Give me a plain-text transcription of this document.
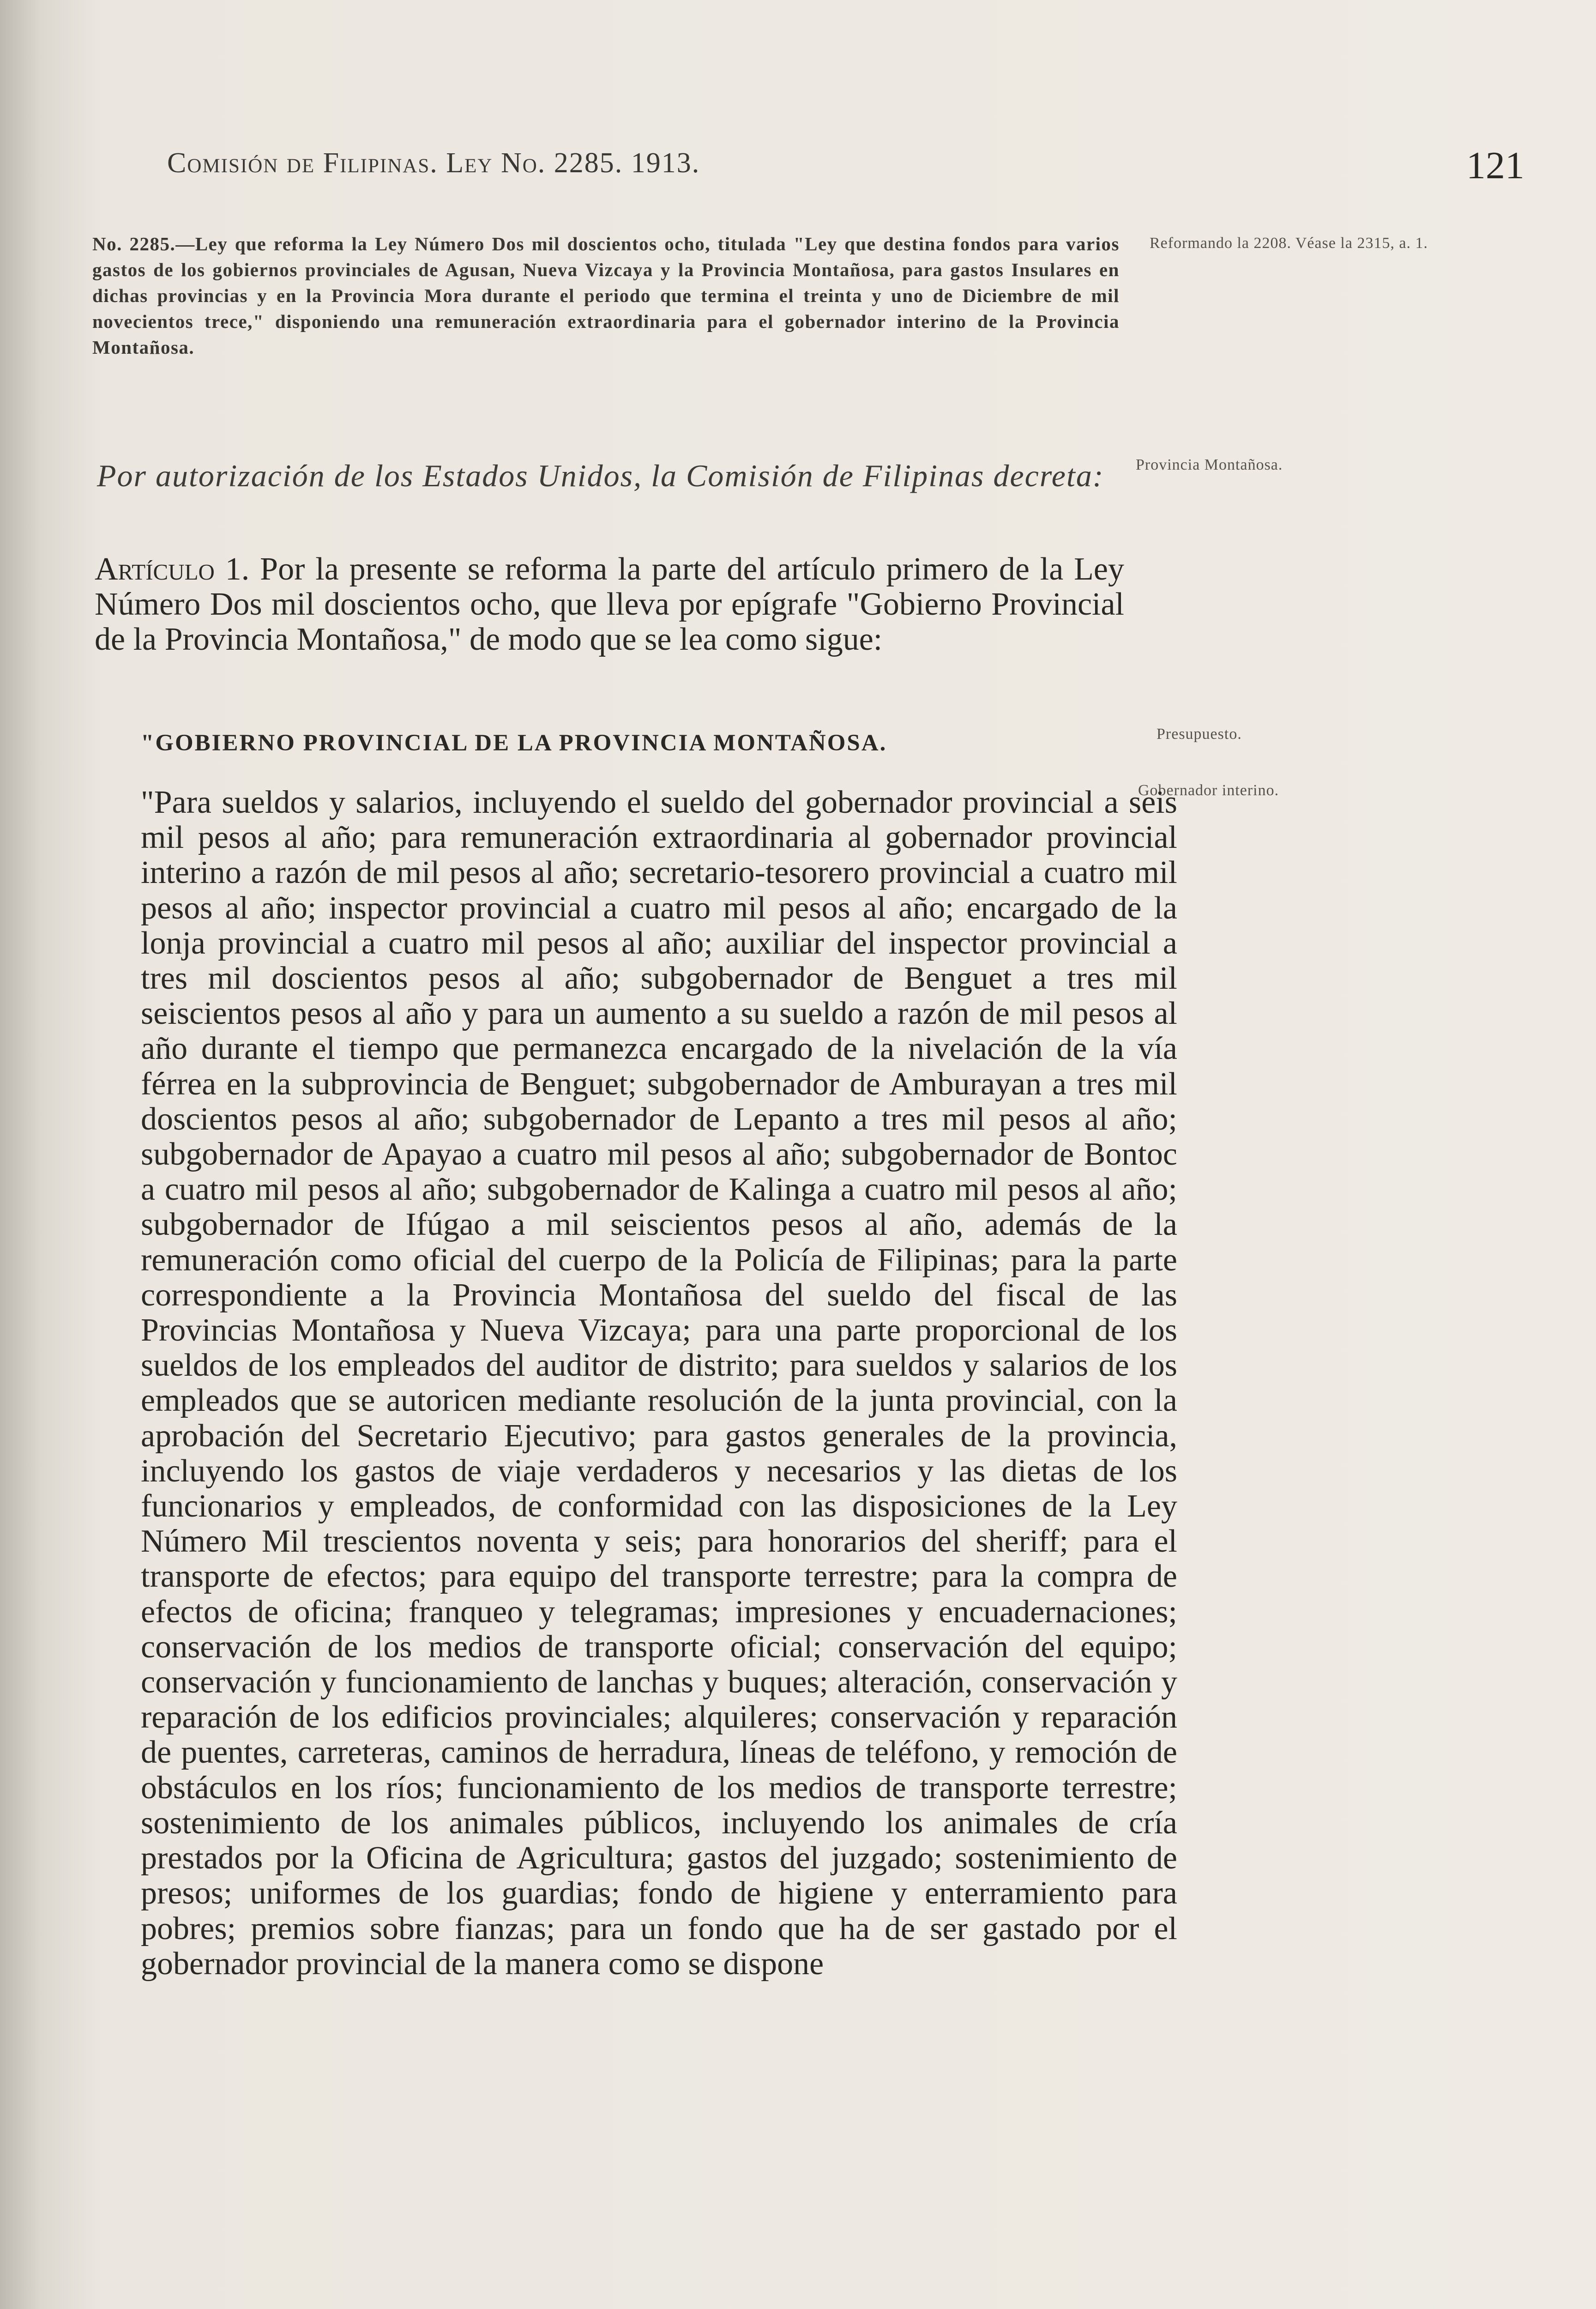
Comisión de Filipinas. Ley No. 2285. 1913.	121
No. 2285.—Ley que reforma la Ley Número Dos mil doscientos ocho, titulada "Ley que destina fondos para varios gastos de los gobiernos provinciales de Agusan, Nueva Vizcaya y la Provincia Montañosa, para gastos Insulares en dichas provincias y en la Provincia Mora durante el periodo que termina el treinta y uno de Diciembre de mil novecientos trece," disponiendo una remuneración extraordinaria para el gobernador interino de la Provincia Montañosa.
Reformando la 2208. Véase la 2315, a. 1.
Por autorización de los Estados Unidos, la Comisión de Filipinas decreta:	Provincia Montañosa.
Artículo 1. Por la presente se reforma la parte del artículo primero de la Ley Número Dos mil doscientos ocho, que lleva por epígrafe "Gobierno Provincial de la Provincia Montañosa," de modo que se lea como sigue:
Presupuesto.
"GOBIERNO PROVINCIAL DE LA PROVINCIA MONTAÑOSA.
Gobernador interino.
"Para sueldos y salarios, incluyendo el sueldo del gobernador provincial a seis mil pesos al año; para remuneración extraordinaria al gobernador provincial interino a razón de mil pesos al año; secretario-tesorero provincial a cuatro mil pesos al año; inspector provincial a cuatro mil pesos al año; encargado de la lonja provincial a cuatro mil pesos al año; auxiliar del inspector provincial a tres mil doscientos pesos al año; subgobernador de Benguet a tres mil seiscientos pesos al año y para un aumento a su sueldo a razón de mil pesos al año durante el tiempo que permanezca encargado de la nivelación de la vía férrea en la subprovincia de Benguet; subgobernador de Amburayan a tres mil doscientos pesos al año; subgobernador de Lepanto a tres mil pesos al año; subgobernador de Apayao a cuatro mil pesos al año; subgobernador de Bontoc a cuatro mil pesos al año; subgobernador de Kalinga a cuatro mil pesos al año; subgobernador de Ifúgao a mil seiscientos pesos al año, además de la remuneración como oficial del cuerpo de la Policía de Filipinas; para la parte correspondiente a la Provincia Montañosa del sueldo del fiscal de las Provincias Montañosa y Nueva Vizcaya; para una parte proporcional de los sueldos de los empleados del auditor de distrito; para sueldos y salarios de los empleados que se autoricen mediante resolución de la junta provincial, con la aprobación del Secretario Ejecutivo; para gastos generales de la provincia, incluyendo los gastos de viaje verdaderos y necesarios y las dietas de los funcionarios y empleados, de conformidad con las disposiciones de la Ley Número Mil trescientos noventa y seis; para honorarios del sheriff; para el transporte de efectos; para equipo del transporte terrestre; para la compra de efectos de oficina; franqueo y telegramas; impresiones y encuadernaciones; conservación de los medios de transporte oficial; conservación del equipo; conservación y funcionamiento de lanchas y buques; alteración, conservación y reparación de los edificios provinciales; alquileres; conservación y reparación de puentes, carreteras, caminos de herradura, líneas de teléfono, y remoción de obstáculos en los ríos; funcionamiento de los medios de transporte terrestre; sostenimiento de los animales públicos, incluyendo los animales de cría prestados por la Oficina de Agricultura; gastos del juzgado; sostenimiento de presos; uniformes de los guardias; fondo de higiene y enterramiento para pobres; premios sobre fianzas; para un fondo que ha de ser gastado por el gobernador provincial de la manera como se dispone
